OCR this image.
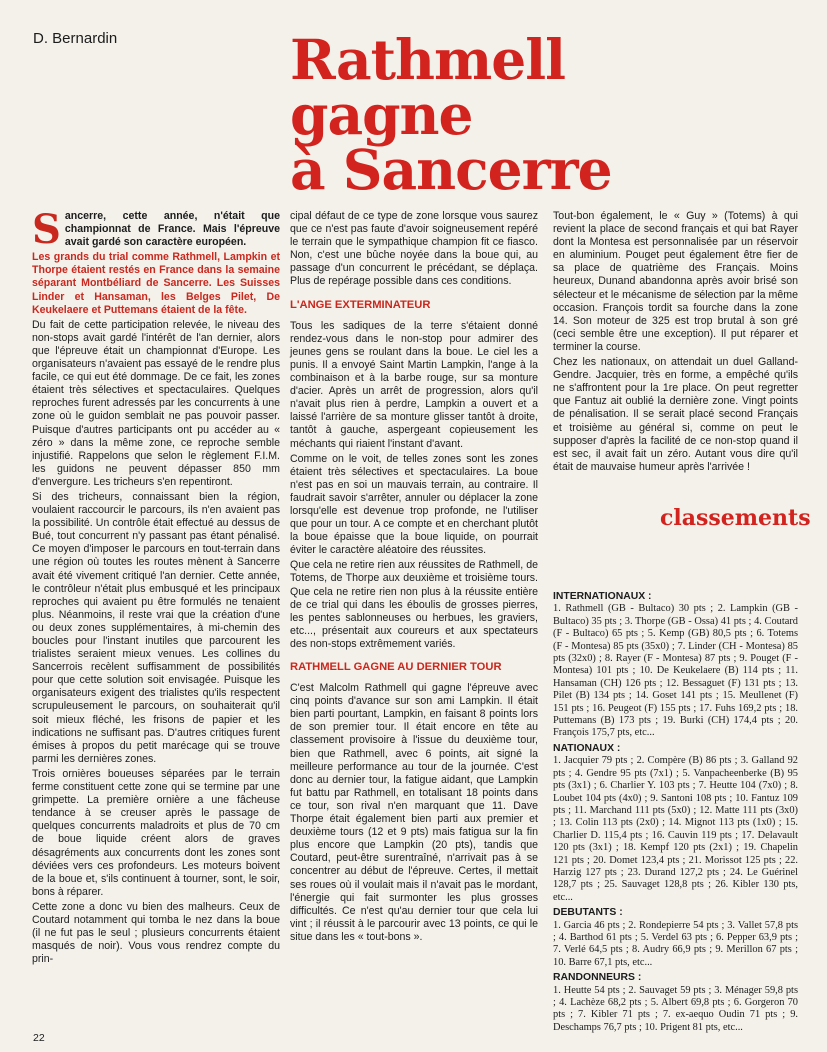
D. Bernardin	Rathmell
gagne
à Sancerre

Sancerre, cette année, n'était que championnat de France. Mais l'épreuve avait gardé son caractère européen.

Les grands du trial comme Rathmell, Lampkin et Thorpe étaient restés en France dans la semaine séparant Montbéliard de Sancerre. Les Suisses Linder et Hansaman, les Belges Pilet, De Keukelaere et Puttemans étaient de la fête.

Du fait de cette participation relevée, le niveau des non-stops avait gardé l'intérêt de l'an dernier, alors que l'épreuve était un championnat d'Europe. Les organisateurs n'avaient pas essayé de le rendre plus facile, ce qui eut été dommage. De ce fait, les zones étaient très sélectives et spectaculaires. Quelques reproches furent adressés par les concurrents à une zone où le guidon semblait ne pas pouvoir passer. Puisque d'autres participants ont pu accéder au « zéro » dans la même zone, ce reproche semble injustifié. Rappelons que selon le règlement F.I.M. les guidons ne peuvent dépasser 850 mm d'envergure. Les tricheurs s'en repentiront.

Si des tricheurs, connaissant bien la région, voulaient raccourcir le parcours, ils n'en avaient pas la possibilité. Un contrôle était effectué au dessus de Bué, tout concurrent n'y passant pas étant pénalisé. Ce moyen d'imposer le parcours en tout-terrain dans une région où toutes les routes mènent à Sancerre avait été vivement critiqué l'an dernier. Cette année, le contrôleur n'était plus embusqué et les principaux reproches qui avaient pu être formulés ne tenaient plus. Néanmoins, il reste vrai que la création d'une ou deux zones supplémentaires, à mi-chemin des boucles pour l'instant inutiles que parcourent les trialistes seraient mieux venues. Les collines du Sancerrois recèlent suffisamment de possibilités pour que cette solution soit envisagée. Puisque les organisateurs exigent des trialistes qu'ils respectent scrupuleusement le parcours, on souhaiterait qu'il soit mieux fléché, les frisons de papier et les indications ne suffisant pas. D'autres critiques furent émises à propos du petit marécage qui se trouve parmi les dernières zones.

Trois ornières boueuses séparées par le terrain ferme constituent cette zone qui se termine par une grimpette. La première ornière a une fâcheuse tendance à se creuser après le passage de quelques concurrents maladroits et plus de 70 cm de boue liquide créent alors de graves désagréments aux concurrents dont les zones sont déviées vers ces profondeurs. Les moteurs boivent de la boue et, s'ils continuent à tourner, sont, le soir, bons à réparer.

Cette zone a donc vu bien des malheurs. Ceux de Coutard notamment qui tomba le nez dans la boue (il ne fut pas le seul ; plusieurs concurrents étaient masqués de noir). Vous vous rendrez compte du prin-

cipal défaut de ce type de zone lorsque vous saurez que ce n'est pas faute d'avoir soigneusement repéré le terrain que le sympathique champion fit ce fiasco. Non, c'est une bûche noyée dans la boue qui, au passage d'un concurrent le précédant, se déplaça. Plus de repérage possible dans ces conditions.

L'ANGE EXTERMINATEUR

Tous les sadiques de la terre s'étaient donné rendez-vous dans le non-stop pour admirer des jeunes gens se roulant dans la boue. Le ciel les a punis. Il a envoyé Saint Martin Lampkin, l'ange à la combinaison et à la barbe rouge, sur sa monture d'acier. Après un arrêt de progression, alors qu'il n'avait plus rien à perdre, Lampkin a ouvert et a laissé l'arrière de sa monture glisser tantôt à droite, tantôt à gauche, aspergeant copieusement les méchants qui riaient l'instant d'avant.

Comme on le voit, de telles zones sont les zones étaient très sélectives et spectaculaires. La boue n'est pas en soi un mauvais terrain, au contraire. Il faudrait savoir s'arrêter, annuler ou déplacer la zone lorsqu'elle est devenue trop profonde, ne l'utiliser que pour un tour. A ce compte et en cherchant plutôt la boue épaisse que la boue liquide, on pourrait éviter le caractère aléatoire des réussites.

Que cela ne retire rien aux réussites de Rathmell, de Totems, de Thorpe aux deuxième et troisième tours. Que cela ne retire rien non plus à la réussite entière de ce trial qui dans les éboulis de grosses pierres, les pentes sablonneuses ou herbues, les graviers, etc..., présentait aux coureurs et aux spectateurs des non-stops extrêmement variés.

RATHMELL GAGNE AU DERNIER TOUR

C'est Malcolm Rathmell qui gagne l'épreuve avec cinq points d'avance sur son ami Lampkin. Il était bien parti pourtant, Lampkin, en faisant 8 points lors de son premier tour. Il était encore en tête au classement provisoire à l'issue du deuxième tour, bien que Rathmell, avec 6 points, ait signé la meilleure performance au tour de la journée. C'est donc au dernier tour, la fatigue aidant, que Lampkin fut battu par Rathmell, en totalisant 18 points dans ce tour, son rival n'en marquant que 11. Dave Thorpe était également bien parti aux premier et deuxième tours (12 et 9 pts) mais fatigua sur la fin plus encore que Lampkin (20 pts), tandis que Coutard, peut-être surentraîné, n'arrivait pas à se concentrer au début de l'épreuve. Certes, il mettait ses roues où il voulait mais il n'avait pas le mordant, l'énergie qui fait surmonter les plus grosses difficultés. Ce n'est qu'au dernier tour que cela lui vint ; il réussit à le parcourir avec 13 points, ce qui le situe dans les « tout-bons ».

Tout-bon également, le « Guy » (Totems) à qui revient la place de second français et qui bat Rayer dont la Montesa est personnalisée par un réservoir en aluminium. Pouget peut également être fier de sa place de quatrième des Français. Moins heureux, Dunand abandonna après avoir brisé son sélecteur et le mécanisme de sélection par la même occasion. François tordit sa fourche dans la zone 14. Son moteur de 325 est trop brutal à son gré (ceci semble être une exception). Il put réparer et terminer la course.

Chez les nationaux, on attendait un duel Galland-Gendre. Jacquier, très en forme, a empêché qu'ils ne s'affrontent pour la 1re place. On peut regretter que Fantuz ait oublié la dernière zone. Vingt points de pénalisation. Il se serait placé second Français et troisième au général si, comme on peut le supposer d'après la facilité de ce non-stop quand il est sec, il avait fait un zéro. Autant vous dire qu'il était de mauvaise humeur après l'arrivée !

classements
INTERNATIONAUX :

1. Rathmell (GB - Bultaco) 30 pts ; 2. Lampkin (GB - Bultaco) 35 pts ; 3. Thorpe (GB - Ossa) 41 pts ; 4. Coutard (F - Bultaco) 65 pts ; 5. Kemp (GB) 80,5 pts ; 6. Totems (F - Montesa) 85 pts (35x0) ; 7. Linder (CH - Montesa) 85 pts (32x0) ; 8. Rayer (F - Montesa) 87 pts ; 9. Pouget (F - Montesa) 101 pts ; 10. De Keukelaere (B) 114 pts ; 11. Hansaman (CH) 126 pts ; 12. Bessaguet (F) 131 pts ; 13. Pilet (B) 134 pts ; 14. Goset 141 pts ; 15. Meullenet (F) 151 pts ; 16. Peugeot (F) 155 pts ; 17. Fuhs 169,2 pts ; 18. Puttemans (B) 173 pts ; 19. Burki (CH) 174,4 pts ; 20. François 175,7 pts, etc...

NATIONAUX :

1. Jacquier 79 pts ; 2. Compère (B) 86 pts ; 3. Galland 92 pts ; 4. Gendre 95 pts (7x1) ; 5. Vanpacheenberke (B) 95 pts (3x1) ; 6. Charlier Y. 103 pts ; 7. Heutte 104 (7x0) ; 8. Loubet 104 pts (4x0) ; 9. Santoni 108 pts ; 10. Fantuz 109 pts ; 11. Marchand 111 pts (5x0) ; 12. Matte 111 pts (3x0) ; 13. Colin 113 pts (2x0) ; 14. Mignot 113 pts (1x0) ; 15. Charlier D. 115,4 pts ; 16. Cauvin 119 pts ; 17. Delavault 120 pts (3x1) ; 18. Kempf 120 pts (2x1) ; 19. Chapelin 121 pts ; 20. Domet 123,4 pts ; 21. Morissot 125 pts ; 22. Harzig 127 pts ; 23. Durand 127,2 pts ; 24. Le Guérinel 128,7 pts ; 25. Sauvaget 128,8 pts ; 26. Kibler 130 pts, etc...

DEBUTANTS :

1. Garcia 46 pts ; 2. Rondepierre 54 pts ; 3. Vallet 57,8 pts ; 4. Barthod 61 pts ; 5. Verdel 63 pts ; 6. Pepper 63,9 pts ; 7. Verlé 64,5 pts ; 8. Audry 66,9 pts ; 9. Merillon 67 pts ; 10. Barre 67,1 pts, etc...

RANDONNEURS :

1. Heutte 54 pts ; 2. Sauvaget 59 pts ; 3. Ménager 59,8 pts ; 4. Lachèze 68,2 pts ; 5. Albert 69,8 pts ; 6. Gorgeron 70 pts ; 7. Kibler 71 pts ; 7. ex-aequo Oudin 71 pts ; 9. Deschamps 76,7 pts ; 10. Prigent 81 pts, etc...

22
